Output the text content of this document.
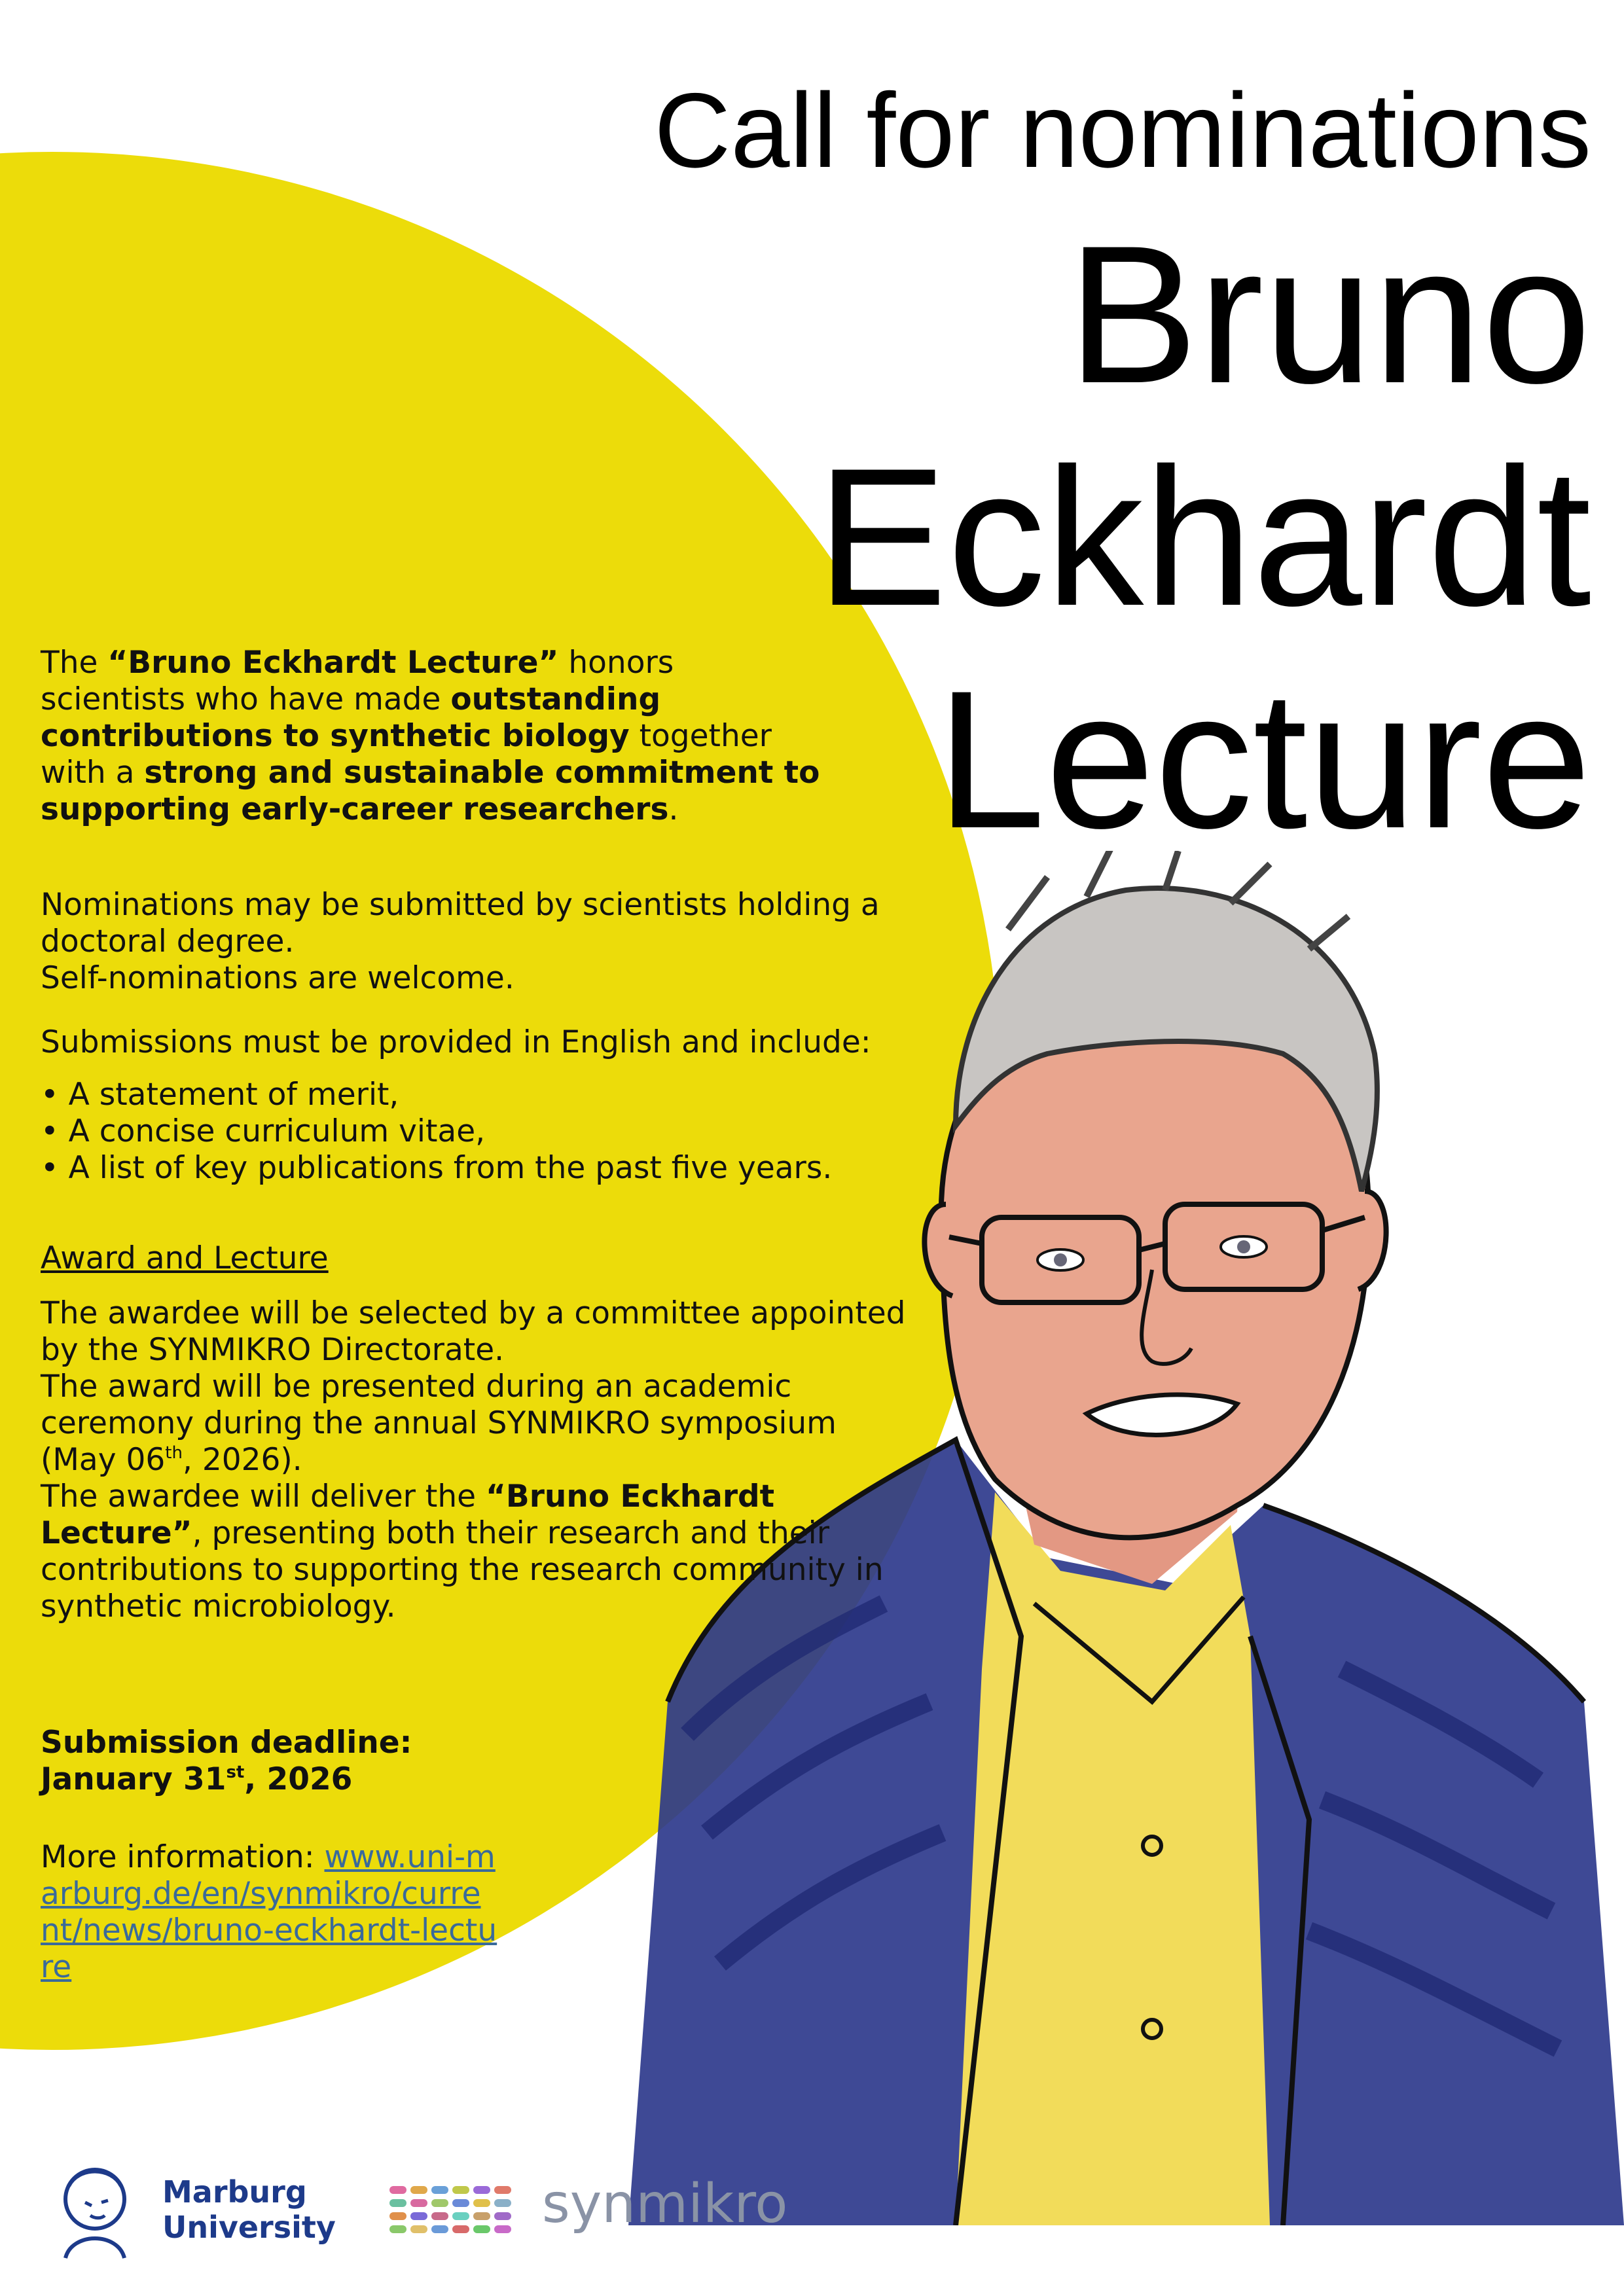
Call for nominations
Bruno
Eckhardt
Lecture

The “Bruno Eckhardt Lecture” honors scientists who have made outstanding contributions to synthetic biology together with a strong and sustainable commitment to supporting early-career researchers.

Nominations may be submitted by scientists holding a doctoral degree.

Self-nominations are welcome.

Submissions must be provided in English and include:

• A statement of merit,
• A concise curriculum vitae,
• A list of key publications from the past five years.

Award and Lecture

The awardee will be selected by a committee appointed by the SYNMIKRO Directorate.

The award will be presented during an academic ceremony during the annual SYNMIKRO symposium (May 06th, 2026).

The awardee will deliver the “Bruno Eckhardt Lecture”, presenting both their research and their contributions to supporting the research community in synthetic microbiology.

Submission deadline:

January 31st, 2026

More information: www.uni-marburg.de/en/synmikro/current/news/bruno-eckhardt-lecture

Marburg
University	synmikro
